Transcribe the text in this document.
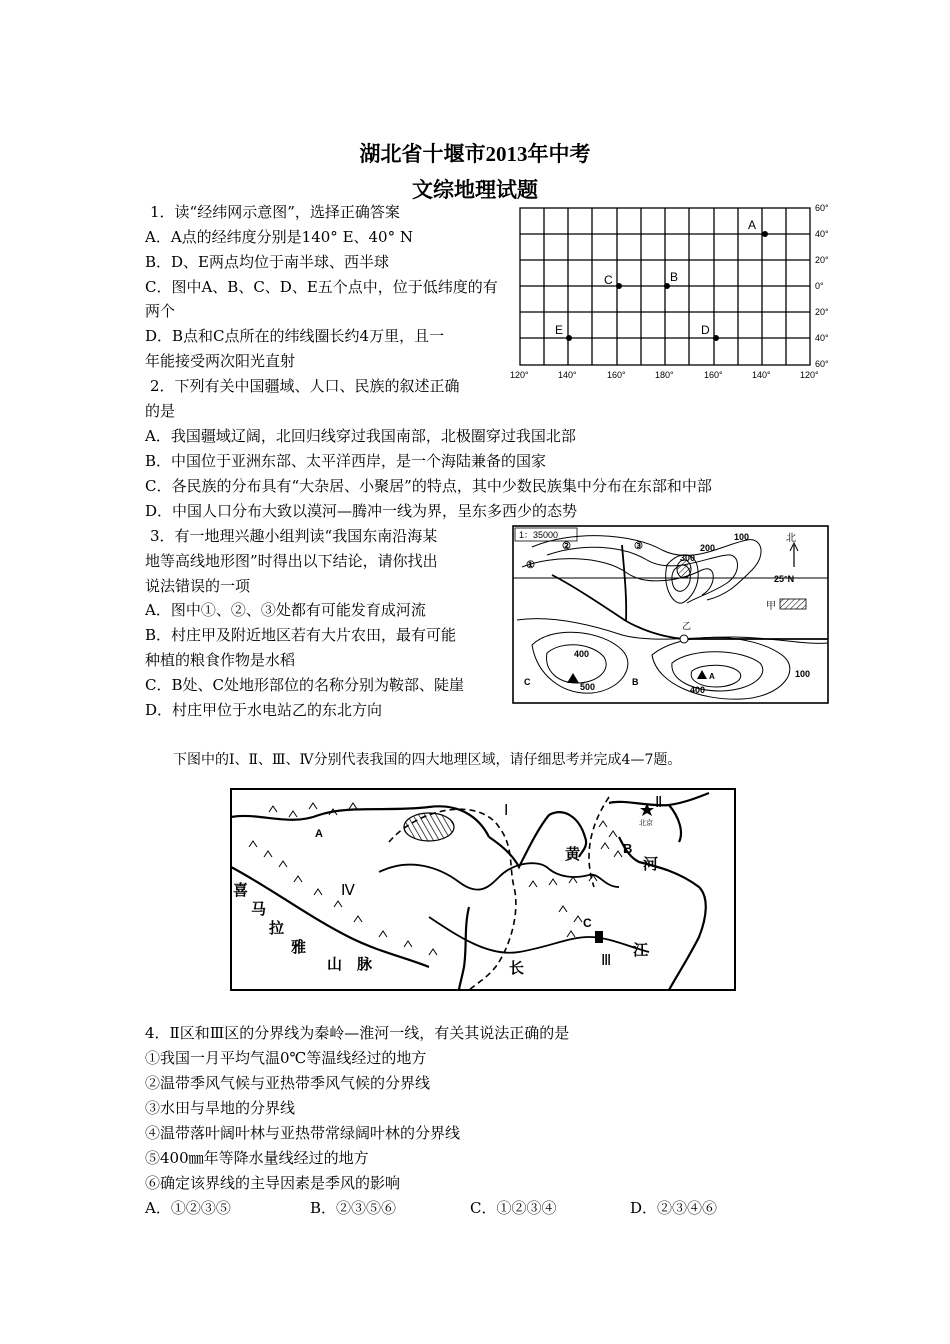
湖北省十堰市2013年中考
文综地理试题
1．读“经纬网示意图”，选择正确答案
A．A点的经纬度分别是140° E、40° N
B．D、E两点均位于南半球、西半球
C．图中A、B、C、D、E五个点中，位于低纬度的有
两个
D．B点和C点所在的纬线圈长约4万里，且一
年能接受两次阳光直射
60°
40°
20°
0°
20°
40°
60°
120°	140°	160°	180°	160°	140°	120°
A
B
C
D
E
2．下列有关中国疆域、人口、民族的叙述正确
的是
A．我国疆域辽阔，北回归线穿过我国南部，北极圈穿过我国北部
B．中国位于亚洲东部、太平洋西岸，是一个海陆兼备的国家
C．各民族的分布具有“大杂居、小聚居”的特点，其中少数民族集中分布在东部和中部
D．中国人口分布大致以漠河—腾冲一线为界，呈东多西少的态势
3．有一地理兴趣小组判读“我国东南沿海某
地等高线地形图”时得出以下结论，请你找出
说法错误的一项
A．图中①、②、③处都有可能发育成河流
B．村庄甲及附近地区若有大片农田，最有可能
种植的粮食作物是水稻
C．B处、C处地形部位的名称分别为鞍部、陡崖
D．村庄甲位于水电站乙的东北方向
1：35000
25°N
北
甲
乙
①
②	③
300
200
100
400
500	400
100
A
B
C
下图中的Ⅰ、Ⅱ、Ⅲ、Ⅳ分别代表我国的四大地理区域，请仔细思考并完成4—7题。
北京
Ⅰ	Ⅱ
Ⅲ
Ⅳ
A
B
C
喜
马
拉
雅
山 脉
黄
河
长
江
4．Ⅱ区和Ⅲ区的分界线为秦岭—淮河一线，有关其说法正确的是
①我国一月平均气温0℃等温线经过的地方
②温带季风气候与亚热带季风气候的分界线
③水田与旱地的分界线
④温带落叶阔叶林与亚热带常绿阔叶林的分界线
⑤400㎜年等降水量线经过的地方
⑥确定该界线的主导因素是季风的影响
A．①②③⑤	B．②③⑤⑥	C．①②③④	D．②③④⑥
